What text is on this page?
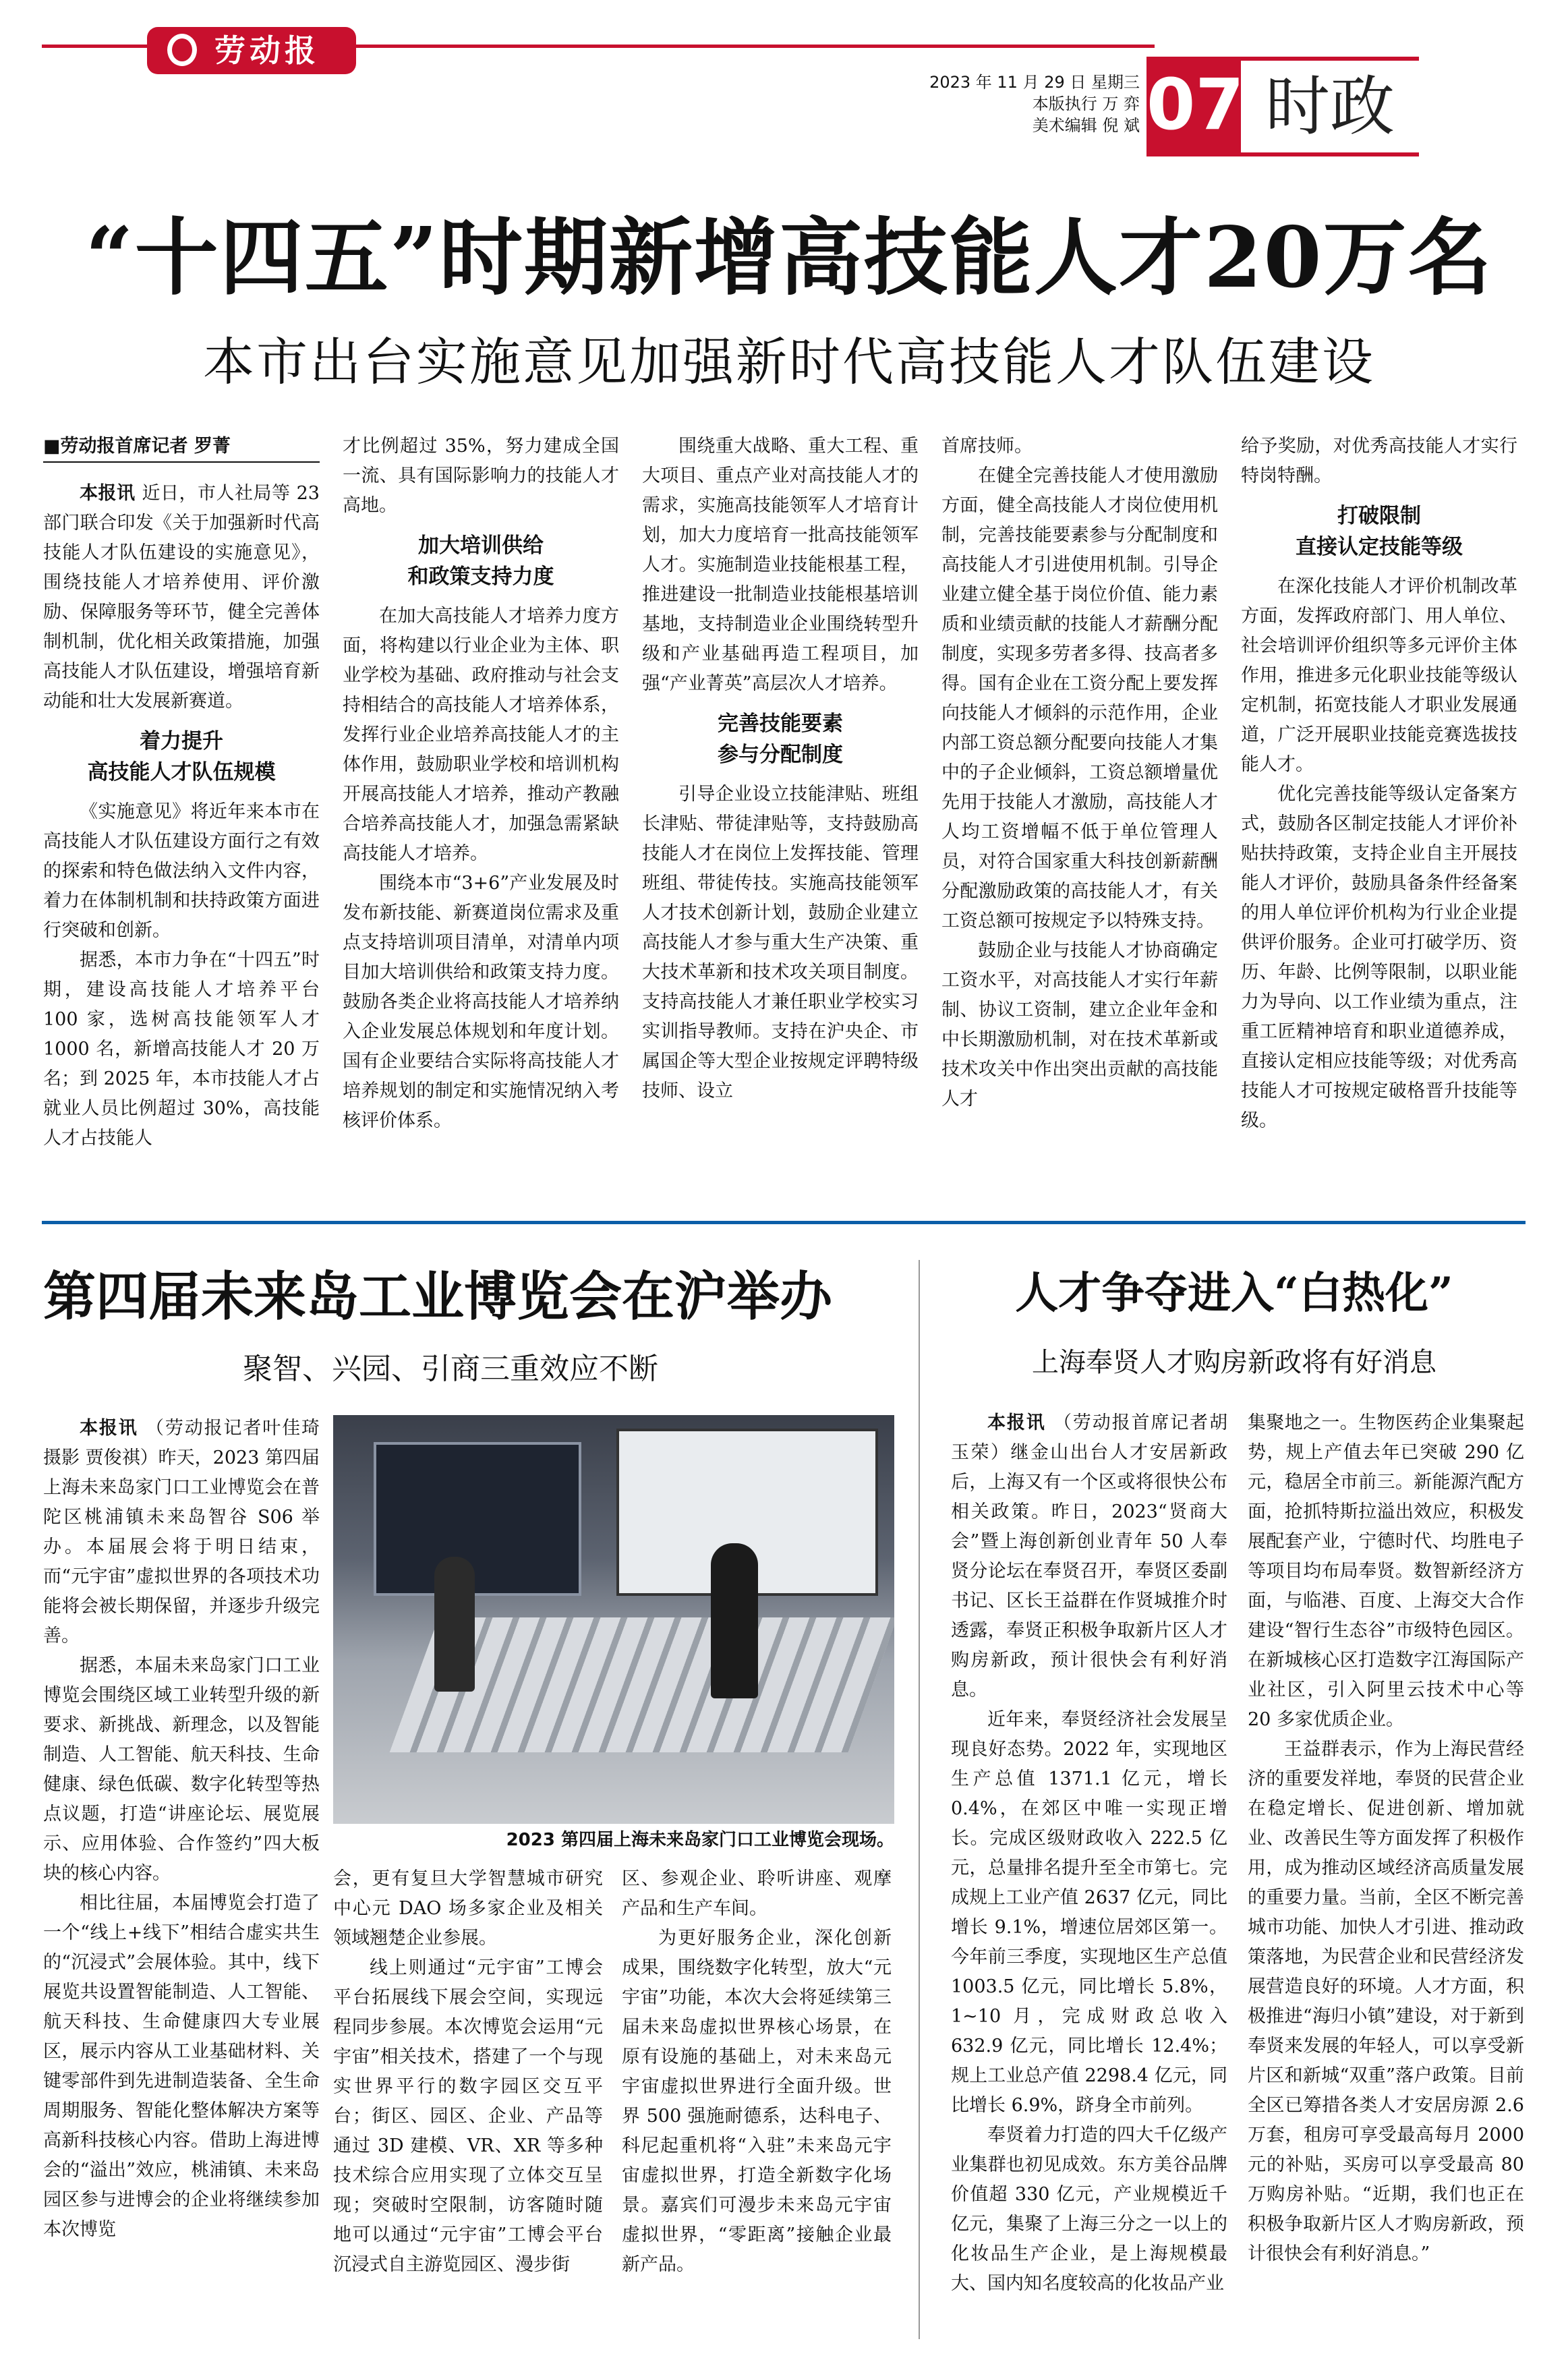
劳动报
2023 年 11 月 29 日 星期三
本版执行 万 弈
美术编辑 倪 斌 07 时政
“十四五”时期新增高技能人才20万名
本市出台实施意见加强新时代高技能人才队伍建设
■劳动报首席记者 罗菁

本报讯 近日，市人社局等 23 部门联合印发《关于加强新时代高技能人才队伍建设的实施意见》，围绕技能人才培养使用、评价激励、保障服务等环节，健全完善体制机制，优化相关政策措施，加强高技能人才队伍建设，增强培育新动能和壮大发展新赛道。

着力提升
高技能人才队伍规模

《实施意见》将近年来本市在高技能人才队伍建设方面行之有效的探索和特色做法纳入文件内容，着力在体制机制和扶持政策方面进行突破和创新。

据悉，本市力争在“十四五”时期，建设高技能人才培养平台 100 家，选树高技能领军人才 1000 名，新增高技能人才 20 万名；到 2025 年，本市技能人才占就业人员比例超过 30%，高技能人才占技能人

才比例超过 35%，努力建成全国一流、具有国际影响力的技能人才高地。

加大培训供给
和政策支持力度

在加大高技能人才培养力度方面，将构建以行业企业为主体、职业学校为基础、政府推动与社会支持相结合的高技能人才培养体系，发挥行业企业培养高技能人才的主体作用，鼓励职业学校和培训机构开展高技能人才培养，推动产教融合培养高技能人才，加强急需紧缺高技能人才培养。

围绕本市“3+6”产业发展及时发布新技能、新赛道岗位需求及重点支持培训项目清单，对清单内项目加大培训供给和政策支持力度。鼓励各类企业将高技能人才培养纳入企业发展总体规划和年度计划。国有企业要结合实际将高技能人才培养规划的制定和实施情况纳入考核评价体系。

围绕重大战略、重大工程、重大项目、重点产业对高技能人才的需求，实施高技能领军人才培育计划，加大力度培育一批高技能领军人才。实施制造业技能根基工程，推进建设一批制造业技能根基培训基地，支持制造业企业围绕转型升级和产业基础再造工程项目，加强“产业菁英”高层次人才培养。

完善技能要素
参与分配制度

引导企业设立技能津贴、班组长津贴、带徒津贴等，支持鼓励高技能人才在岗位上发挥技能、管理班组、带徒传技。实施高技能领军人才技术创新计划，鼓励企业建立高技能人才参与重大生产决策、重大技术革新和技术攻关项目制度。支持高技能人才兼任职业学校实习实训指导教师。支持在沪央企、市属国企等大型企业按规定评聘特级技师、设立

首席技师。

在健全完善技能人才使用激励方面，健全高技能人才岗位使用机制，完善技能要素参与分配制度和高技能人才引进使用机制。引导企业建立健全基于岗位价值、能力素质和业绩贡献的技能人才薪酬分配制度，实现多劳者多得、技高者多得。国有企业在工资分配上要发挥向技能人才倾斜的示范作用，企业内部工资总额分配要向技能人才集中的子企业倾斜，工资总额增量优先用于技能人才激励，高技能人才人均工资增幅不低于单位管理人员，对符合国家重大科技创新薪酬分配激励政策的高技能人才，有关工资总额可按规定予以特殊支持。

鼓励企业与技能人才协商确定工资水平，对高技能人才实行年薪制、协议工资制，建立企业年金和中长期激励机制，对在技术革新或技术攻关中作出突出贡献的高技能人才

给予奖励，对优秀高技能人才实行特岗特酬。

打破限制
直接认定技能等级

在深化技能人才评价机制改革方面，发挥政府部门、用人单位、社会培训评价组织等多元评价主体作用，推进多元化职业技能等级认定机制，拓宽技能人才职业发展通道，广泛开展职业技能竞赛选拔技能人才。

优化完善技能等级认定备案方式，鼓励各区制定技能人才评价补贴扶持政策，支持企业自主开展技能人才评价，鼓励具备条件经备案的用人单位评价机构为行业企业提供评价服务。企业可打破学历、资历、年龄、比例等限制，以职业能力为导向、以工作业绩为重点，注重工匠精神培育和职业道德养成，直接认定相应技能等级；对优秀高技能人才可按规定破格晋升技能等级。

第四届未来岛工业博览会在沪举办
聚智、兴园、引商三重效应不断
2023 第四届上海未来岛家门口工业博览会现场。

本报讯 （劳动报记者叶佳琦 摄影 贾俊祺）昨天，2023 第四届上海未来岛家门口工业博览会在普陀区桃浦镇未来岛智谷 S06 举办。本届展会将于明日结束，而“元宇宙”虚拟世界的各项技术功能将会被长期保留，并逐步升级完善。

据悉，本届未来岛家门口工业博览会围绕区域工业转型升级的新要求、新挑战、新理念，以及智能制造、人工智能、航天科技、生命健康、绿色低碳、数字化转型等热点议题，打造“讲座论坛、展览展示、应用体验、合作签约”四大板块的核心内容。

相比往届，本届博览会打造了一个“线上+线下”相结合虚实共生的“沉浸式”会展体验。其中，线下展览共设置智能制造、人工智能、航天科技、生命健康四大专业展区，展示内容从工业基础材料、关键零部件到先进制造装备、全生命周期服务、智能化整体解决方案等高新科技核心内容。借助上海进博会的“溢出”效应，桃浦镇、未来岛园区参与进博会的企业将继续参加本次博览

会，更有复旦大学智慧城市研究中心元 DAO 场多家企业及相关领域翘楚企业参展。

线上则通过“元宇宙”工博会平台拓展线下展会空间，实现远程同步参展。本次博览会运用“元宇宙”相关技术，搭建了一个与现实世界平行的数字园区交互平台；街区、园区、企业、产品等通过 3D 建模、VR、XR 等多种技术综合应用实现了立体交互呈现；突破时空限制，访客随时随地可以通过“元宇宙”工博会平台沉浸式自主游览园区、漫步街

区、参观企业、聆听讲座、观摩产品和生产车间。

为更好服务企业，深化创新成果，围绕数字化转型，放大“元宇宙”功能，本次大会将延续第三届未来岛虚拟世界核心场景，在原有设施的基础上，对未来岛元宇宙虚拟世界进行全面升级。世界 500 强施耐德系，达科电子、科尼起重机将“入驻”未来岛元宇宙虚拟世界，打造全新数字化场景。嘉宾们可漫步未来岛元宇宙虚拟世界，“零距离”接触企业最新产品。

人才争夺进入“白热化”
上海奉贤人才购房新政将有好消息

本报讯 （劳动报首席记者胡玉荣）继金山出台人才安居新政后，上海又有一个区或将很快公布相关政策。昨日，2023“贤商大会”暨上海创新创业青年 50 人奉贤分论坛在奉贤召开，奉贤区委副书记、区长王益群在作贤城推介时透露，奉贤正积极争取新片区人才购房新政，预计很快会有利好消息。

近年来，奉贤经济社会发展呈现良好态势。2022 年，实现地区生产总值 1371.1 亿元，增长 0.4%，在郊区中唯一实现正增长。完成区级财政收入 222.5 亿元，总量排名提升至全市第七。完成规上工业产值 2637 亿元，同比增长 9.1%，增速位居郊区第一。今年前三季度，实现地区生产总值 1003.5 亿元，同比增长 5.8%，1~10 月，完成财政总收入 632.9 亿元，同比增长 12.4%；规上工业总产值 2298.4 亿元，同比增长 6.9%，跻身全市前列。

奉贤着力打造的四大千亿级产业集群也初见成效。东方美谷品牌价值超 330 亿元，产业规模近千亿元，集聚了上海三分之一以上的化妆品生产企业，是上海规模最大、国内知名度较高的化妆品产业

集聚地之一。生物医药企业集聚起势，规上产值去年已突破 290 亿元，稳居全市前三。新能源汽配方面，抢抓特斯拉溢出效应，积极发展配套产业，宁德时代、均胜电子等项目均布局奉贤。数智新经济方面，与临港、百度、上海交大合作建设“智行生态谷”市级特色园区。在新城核心区打造数字江海国际产业社区，引入阿里云技术中心等 20 多家优质企业。

王益群表示，作为上海民营经济的重要发祥地，奉贤的民营企业在稳定增长、促进创新、增加就业、改善民生等方面发挥了积极作用，成为推动区域经济高质量发展的重要力量。当前，全区不断完善城市功能、加快人才引进、推动政策落地，为民营企业和民营经济发展营造良好的环境。人才方面，积极推进“海归小镇”建设，对于新到奉贤来发展的年轻人，可以享受新片区和新城“双重”落户政策。目前全区已筹措各类人才安居房源 2.6 万套，租房可享受最高每月 2000 元的补贴，买房可以享受最高 80 万购房补贴。“近期，我们也正在积极争取新片区人才购房新政，预计很快会有利好消息。”
